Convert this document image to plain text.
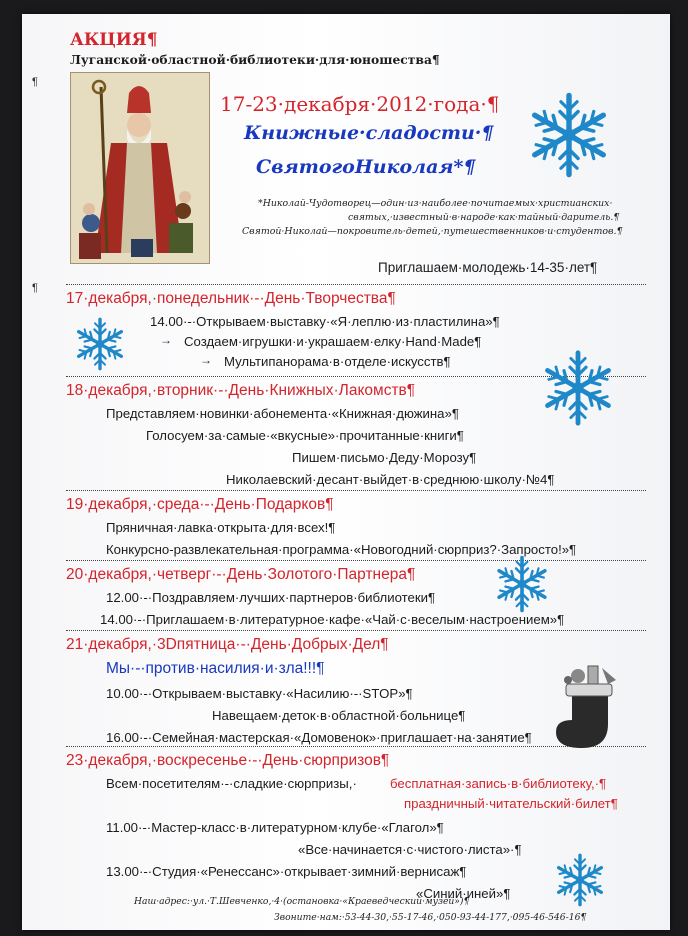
¶
¶
АКЦИЯ¶
Луганской·областной·библиотеки·для·юношества¶
17-23·декабря·2012·года·¶
Книжные·сладости·¶
СвятогоНиколая*¶
*Николай-Чудотворец—один·из·наиболее·почитаемых·христианских·
святых,·известный·в·народе·как·тайный·даритель.¶
Святой·Николай—покровитель·детей,·путешественников·и·студентов.¶
Приглашаем·молодежь·14-35·лет¶
17·декабря,·понедельник·-·День·Творчества¶
14.00·-·Открываем·выставку·«Я·леплю·из·пластилина»¶
→ Создаем·игрушки·и·украшаем·елку·Hand·Made¶
→ Мультипанорама·в·отделе·искусств¶
18·декабря,·вторник·-·День·Книжных·Лакомств¶
Представляем·новинки·абонемента·«Книжная·дюжина»¶
Голосуем·за·самые·«вкусные»·прочитанные·книги¶
Пишем·письмо·Деду·Морозу¶
Николаевский·десант·выйдет·в·среднюю·школу·№4¶
19·декабря,·среда·-·День·Подарков¶
Пряничная·лавка·открыта·для·всех!¶
Конкурсно-развлекательная·программа·«Новогодний·сюрприз?·Запросто!»¶
20·декабря,·четверг·-·День·Золотого·Партнера¶
12.00·-·Поздравляем·лучших·партнеров·библиотеки¶
14.00·-·Приглашаем·в·литературное·кафе·«Чай·с·веселым·настроением»¶
21·декабря,·3Dпятница·-·День·Добрых·Дел¶
Мы·-·против·насилия·и·зла!!!¶
10.00·-·Открываем·выставку·«Насилию·-·STOP»¶
Навещаем·деток·в·областной·больнице¶
16.00·-·Семейная·мастерская·«Домовенок»·приглашает·на·занятие¶
23·декабря,·воскресенье·-·День·сюрпризов¶
Всем·посетителям·-·сладкие·сюрпризы,·	бесплатная·запись·в·библиотеку,·¶
праздничный·читательский·билет¶
11.00·-·Мастер-класс·в·литературном·клубе·«Глагол»¶
«Все·начинается·с·чистого·листа»·¶
13.00·-·Студия·«Ренессанс»·открывает·зимний·вернисаж¶
«Синий·иней»¶
Наш·адрес:·ул.·Т.Шевченко,·4·(остановка·«Краеведческий·музей»)¶
Звоните·нам:·53-44-30,·55-17-46,·050-93-44-177,·095-46-546-16¶
